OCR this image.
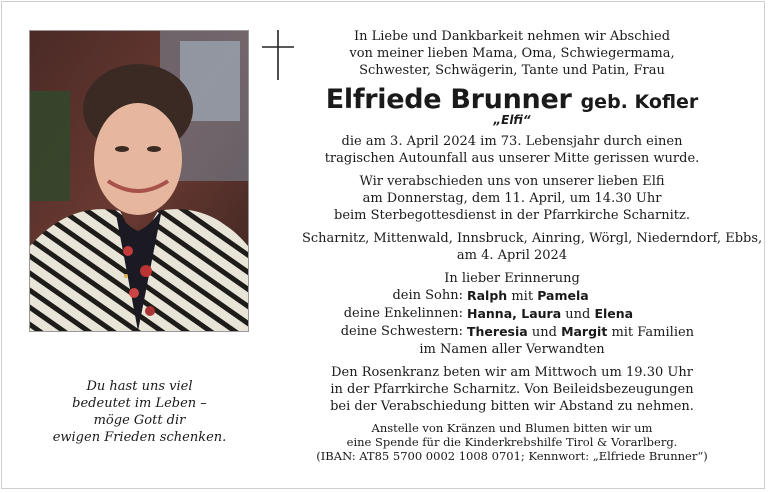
Du hast uns viel
bedeutet im Leben –
möge Gott dir
ewigen Frieden schenken.
In Liebe und Dankbarkeit nehmen wir Abschied
von meiner lieben Mama, Oma, Schwiegermama,
Schwester, Schwägerin, Tante und Patin, Frau
Elfriede Brunner geb. Kofler
„Elfi“
die am 3. April 2024 im 73. Lebensjahr durch einen
tragischen Autounfall aus unserer Mitte gerissen wurde.
Wir verabschieden uns von unserer lieben Elfi
am Donnerstag, dem 11. April, um 14.30 Uhr
beim Sterbegottesdienst in der Pfarrkirche Scharnitz.
Scharnitz, Mittenwald, Innsbruck, Ainring, Wörgl, Niederndorf, Ebbs,
am 4. April 2024
In lieber Erinnerung
dein Sohn: Ralph mit Pamela
deine Enkelinnen: Hanna, Laura und Elena
deine Schwestern: Theresia und Margit mit Familien
im Namen aller Verwandten
Den Rosenkranz beten wir am Mittwoch um 19.30 Uhr
in der Pfarrkirche Scharnitz. Von Beileidsbezeugungen
bei der Verabschiedung bitten wir Abstand zu nehmen.
Anstelle von Kränzen und Blumen bitten wir um
eine Spende für die Kinderkrebshilfe Tirol & Vorarlberg.
(IBAN: AT85 5700 0002 1008 0701; Kennwort: „Elfriede Brunner“)
